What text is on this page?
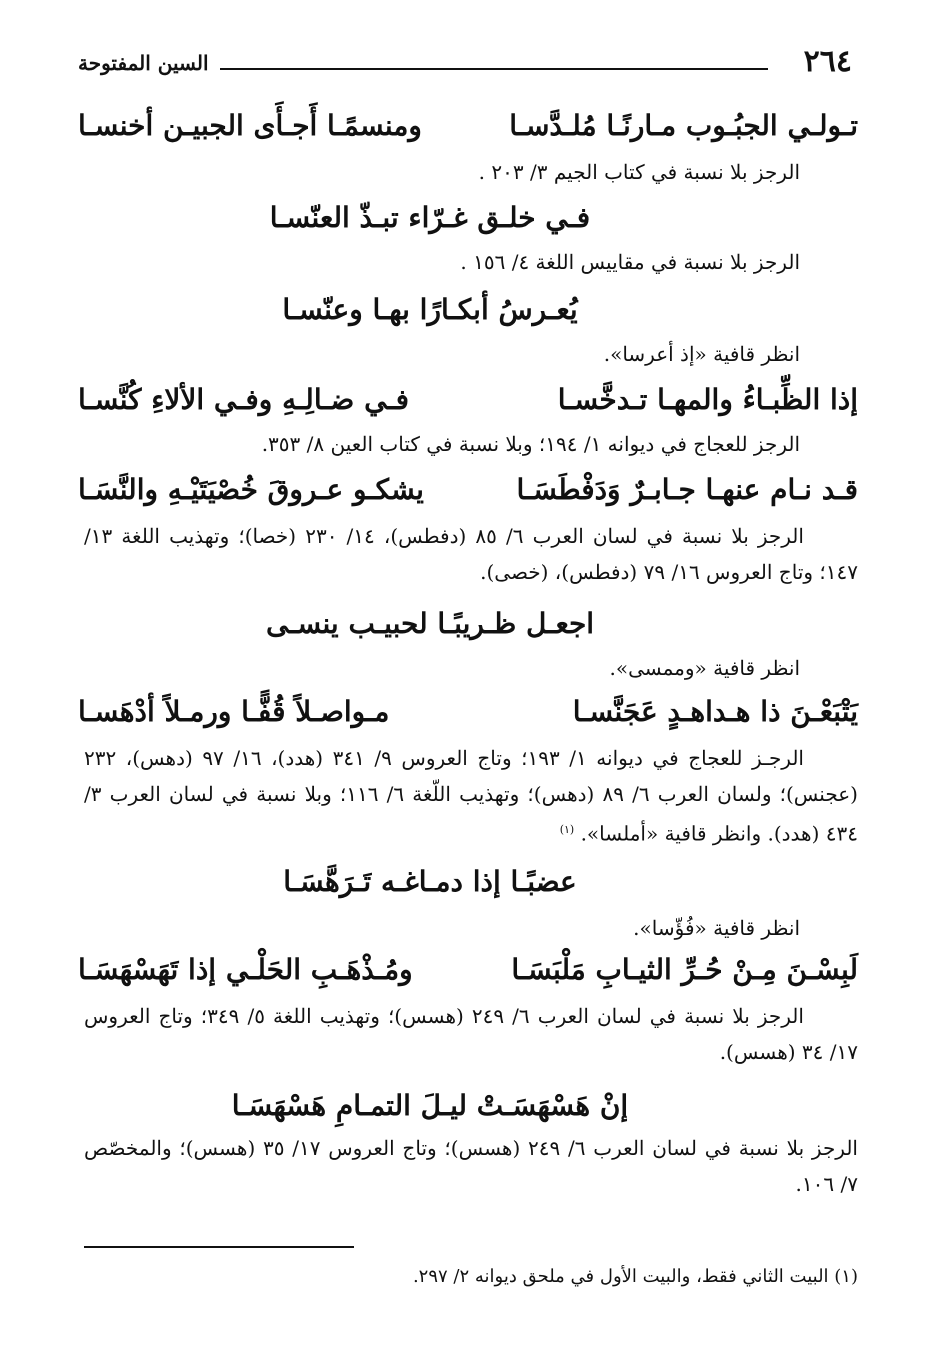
٢٦٤
السين المفتوحة
تـولـي الجبُـوب مـارنًـا مُلـدَّسـا
ومنسمًـا أَجـأَى الجبيـن أخنسـا
الرجز بلا نسبة في كتاب الجيم ٣/ ٢٠٣ .
فـي خلـق غـرّاء تبـذّ العنّسـا
الرجز بلا نسبة في مقاييس اللغة ٤/ ١٥٦ .
يُعـرسُ أبكـارًا بهـا وعنّسـا
انظر قافية «إذ أعرسا».
إذا الظِّبـاءُ والمهـا تـدخَّسـا
فـي ضـالِـهِ وفـي الألاءِ كُنَّسـا
الرجز للعجاج في ديوانه ١/ ١٩٤؛ وبلا نسبة في كتاب العين ٨/ ٣٥٣.
قـد نـام عنهـا جـابـرٌ وَدَفْطَسَـا
يشكـو عـروقَ خُصْيَتَيْـهِ والنَّسَـا
الرجز بلا نسبة في لسان العرب ٦/ ٨٥ (دفطس)، ١٤/ ٢٣٠ (خصا)؛ وتهذيب اللغة ١٣/ ١٤٧؛ وتاج العروس ١٦/ ٧٩ (دفطس)، (خصى).
اجعـل ظـريبًـا لحبيـب ينسـى
انظر قافية «وممسى».
يَتْبَعْـنَ ذا هـداهـدٍ عَجَنَّسـا
مـواصـلاً قُفًّـا ورمـلاً أدْهَسـا
الرجـز للعجاج في ديوانه ١/ ١٩٣؛ وتاج العروس ٩/ ٣٤١ (هدد)، ١٦/ ٩٧ (دهس)، ٢٣٢ (عجنس)؛ ولسان العرب ٦/ ٨٩ (دهس)؛ وتهذيب اللّغة ٦/ ١١٦؛ وبلا نسبة في لسان العرب ٣/ ٤٣٤ (هدد). وانظر قافية «أملسا». $^{(١)}$
عضبًـا إذا دمـاغـه تَـرَهَّسَـا
انظر قافية «فُؤّسا».
لَبِسْـنَ مِـنْ حُـرِّ الثيـابِ مَلْبَسَـا
ومُـذْهَـبِ الحَلْـي إذا تَهَسْهَسَـا
الرجز بلا نسبة في لسان العرب ٦/ ٢٤٩ (هسس)؛ وتهذيب اللغة ٥/ ٣٤٩؛ وتاج العروس ١٧/ ٣٤ (هسس).
إنْ هَسْهَسَـتْ ليـلَ التمـامِ هَسْهَسَـا
الرجز بلا نسبة في لسان العرب ٦/ ٢٤٩ (هسس)؛ وتاج العروس ١٧/ ٣٥ (هسس)؛ والمخصّص ٧/ ١٠٦.
(١) البيت الثاني فقط، والبيت الأول في ملحق ديوانه ٢/ ٢٩٧.
